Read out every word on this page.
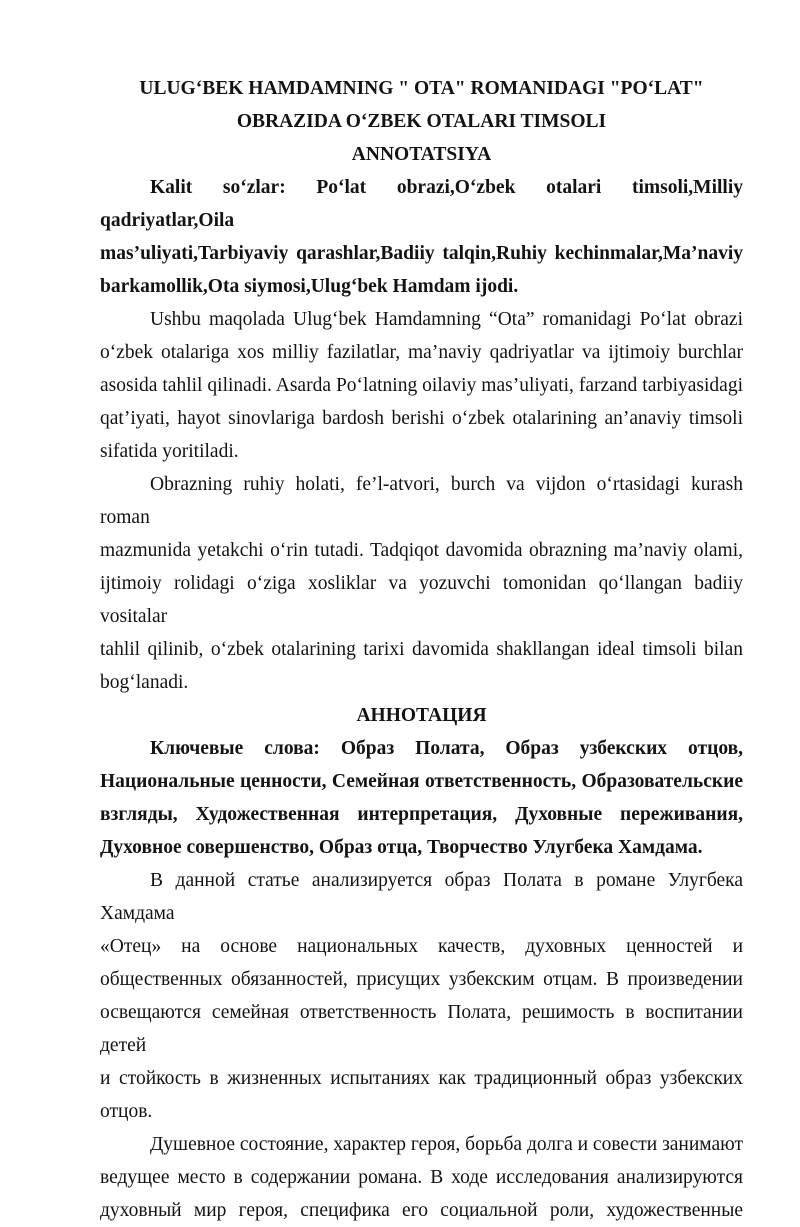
ULUG‘BEK HAMDAMNING " OTA" ROMANIDAGI "PO‘LAT"
OBRAZIDA O‘ZBEK OTALARI TIMSOLI
ANNOTATSIYA
Kalit so‘zlar: Po‘lat obrazi,O‘zbek otalari timsoli,Milliy qadriyatlar,Oila
mas’uliyati,Tarbiyaviy qarashlar,Badiiy talqin,Ruhiy kechinmalar,Ma’naviy
barkamollik,Ota siymosi,Ulug‘bek Hamdam ijodi.
Ushbu maqolada Ulug‘bek Hamdamning “Ota” romanidagi Po‘lat obrazi
o‘zbek otalariga xos milliy fazilatlar, ma’naviy qadriyatlar va ijtimoiy burchlar
asosida tahlil qilinadi. Asarda Po‘latning oilaviy mas’uliyati, farzand tarbiyasidagi
qat’iyati, hayot sinovlariga bardosh berishi o‘zbek otalarining an’anaviy timsoli
sifatida yoritiladi.
Obrazning ruhiy holati, fe’l-atvori, burch va vijdon o‘rtasidagi kurash roman
mazmunida yetakchi o‘rin tutadi. Tadqiqot davomida obrazning ma’naviy olami,
ijtimoiy rolidagi o‘ziga xosliklar va yozuvchi tomonidan qo‘llangan badiiy vositalar
tahlil qilinib, o‘zbek otalarining tarixi davomida shakllangan ideal timsoli bilan
bog‘lanadi.
АННОТАЦИЯ
Ключевые слова: Образ Полата, Образ узбекских отцов,
Национальные ценности, Семейная ответственность, Образовательские
взгляды, Художественная интерпретация, Духовные переживания,
Духовное совершенство, Образ отца, Творчество Улугбека Хамдама.
В данной статье анализируется образ Полата в романе Улугбека Хамдама
«Отец» на основе национальных качеств, духовных ценностей и
общественных обязанностей, присущих узбекским отцам. В произведении
освещаются семейная ответственность Полата, решимость в воспитании детей
и стойкость в жизненных испытаниях как традиционный образ узбекских
отцов.
Душевное состояние, характер героя, борьба долга и совести занимают
ведущее место в содержании романа. В ходе исследования анализируются
духовный мир героя, специфика его социальной роли, художественные
